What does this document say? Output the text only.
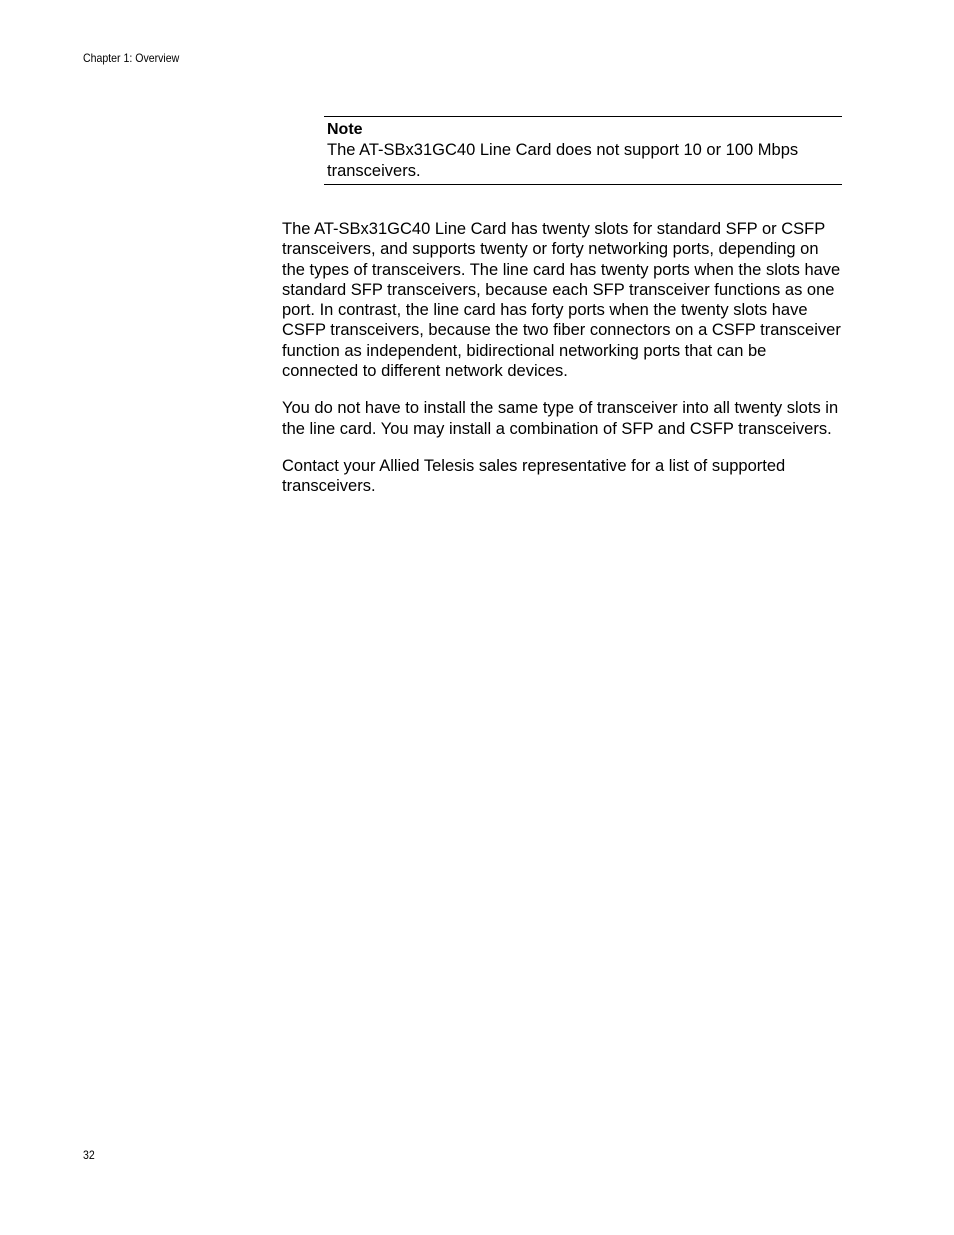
Chapter 1: Overview

Note

The AT-SBx31GC40 Line Card does not support 10 or 100 Mbps transceivers.

The AT-SBx31GC40 Line Card has twenty slots for standard SFP or CSFP transceivers, and supports twenty or forty networking ports, depending on the types of transceivers. The line card has twenty ports when the slots have standard SFP transceivers, because each SFP transceiver functions as one port. In contrast, the line card has forty ports when the twenty slots have CSFP transceivers, because the two fiber connectors on a CSFP transceiver function as independent, bidirectional networking ports that can be connected to different network devices.

You do not have to install the same type of transceiver into all twenty slots in the line card. You may install a combination of SFP and CSFP transceivers.

Contact your Allied Telesis sales representative for a list of supported transceivers.

32
